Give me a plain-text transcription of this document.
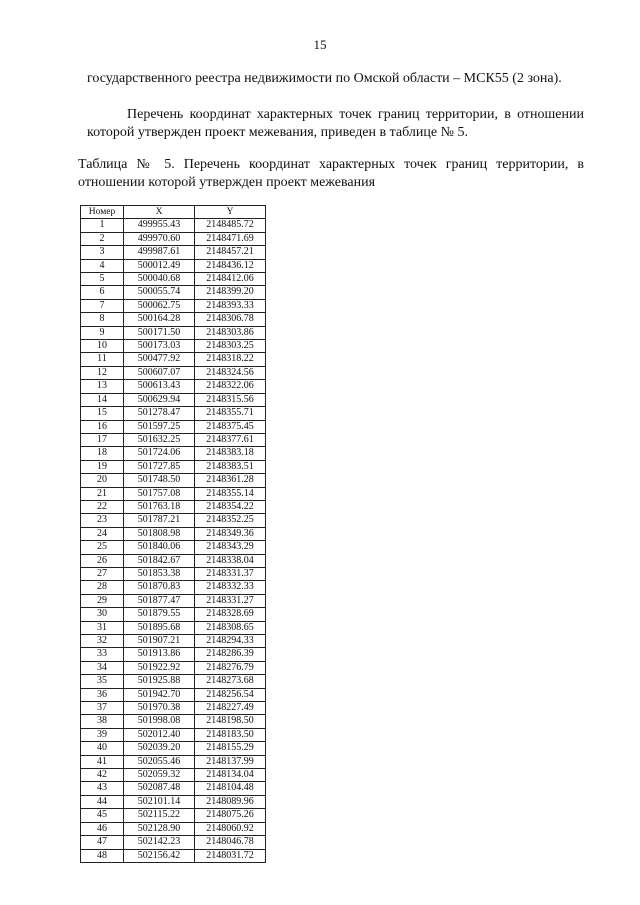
15
государственного реестра недвижимости по Омской области – МСК55 (2 зона).
Перечень координат характерных точек границ территории, в отношении которой утвержден проект межевания, приведен в таблице № 5.
Таблица № 5. Перечень координат характерных точек границ территории, в отношении которой утвержден проект межевания
Номер	X	Y
1	499955.43	2148485.72
2	499970.60	2148471.69
3	499987.61	2148457.21
4	500012.49	2148436.12
5	500040.68	2148412.06
6	500055.74	2148399.20
7	500062.75	2148393.33
8	500164.28	2148306.78
9	500171.50	2148303.86
10	500173.03	2148303.25
11	500477.92	2148318.22
12	500607.07	2148324.56
13	500613.43	2148322.06
14	500629.94	2148315.56
15	501278.47	2148355.71
16	501597.25	2148375.45
17	501632.25	2148377.61
18	501724.06	2148383.18
19	501727.85	2148383.51
20	501748.50	2148361.28
21	501757.08	2148355.14
22	501763.18	2148354.22
23	501787.21	2148352.25
24	501808.98	2148349.36
25	501840.06	2148343.29
26	501842.67	2148338.04
27	501853.38	2148331.37
28	501870.83	2148332.33
29	501877.47	2148331.27
30	501879.55	2148328.69
31	501895.68	2148308.65
32	501907.21	2148294.33
33	501913.86	2148286.39
34	501922.92	2148276.79
35	501925.88	2148273.68
36	501942.70	2148256.54
37	501970.38	2148227.49
38	501998.08	2148198.50
39	502012.40	2148183.50
40	502039.20	2148155.29
41	502055.46	2148137.99
42	502059.32	2148134.04
43	502087.48	2148104.48
44	502101.14	2148089.96
45	502115.22	2148075.26
46	502128.90	2148060.92
47	502142.23	2148046.78
48	502156.42	2148031.72
